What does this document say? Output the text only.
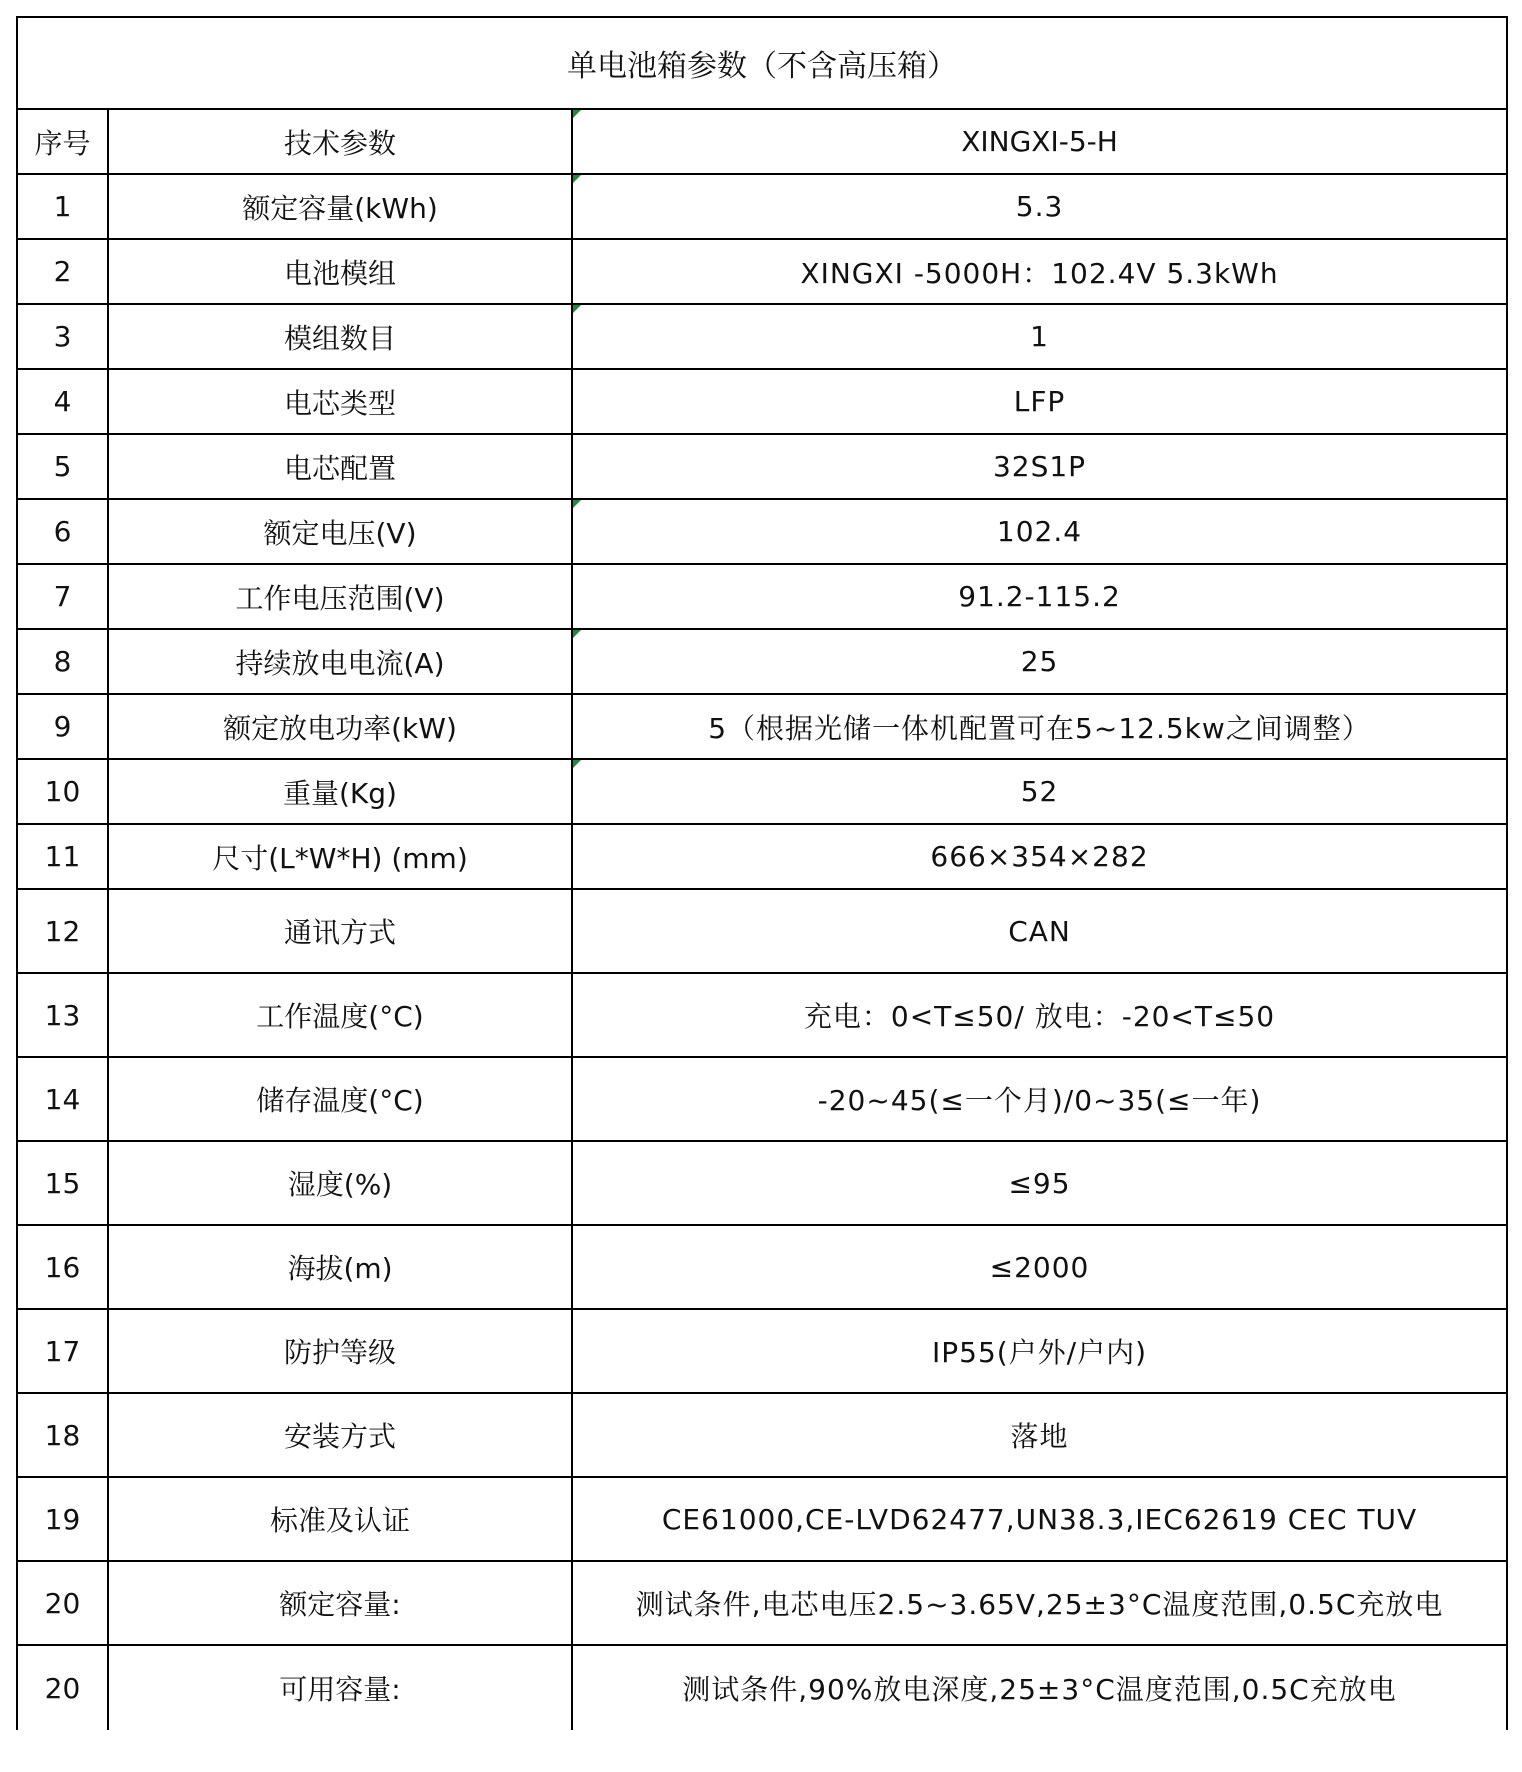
单电池箱参数（不含高压箱）		
序号	技术参数	XINGXI-5-H
1	额定容量(kWh)	5.3
2	电池模组	XINGXI -5000H：102.4V 5.3kWh
3	模组数目	1
4	电芯类型	LFP
5	电芯配置	32S1P
6	额定电压(V)	102.4
7	工作电压范围(V)	91.2-115.2
8	持续放电电流(A)	25
9	额定放电功率(kW)	5（根据光储一体机配置可在5~12.5kw之间调整）
10	重量(Kg)	52
11	尺寸(L*W*H) (mm)	666×354×282
12	通讯方式	CAN
13	工作温度(°C)	充电：0<T≤50/ 放电：-20<T≤50
14	储存温度(°C)	-20~45(≤一个月)/0~35(≤一年)
15	湿度(%)	≤95
16	海拔(m)	≤2000
17	防护等级	IP55(户外/户内)
18	安装方式	落地
19	标准及认证	CE61000,CE-LVD62477,UN38.3,IEC62619 CEC TUV
20	额定容量:	测试条件,电芯电压2.5~3.65V,25±3°C温度范围,0.5C充放电
20	可用容量:	测试条件,90%放电深度,25±3°C温度范围,0.5C充放电
